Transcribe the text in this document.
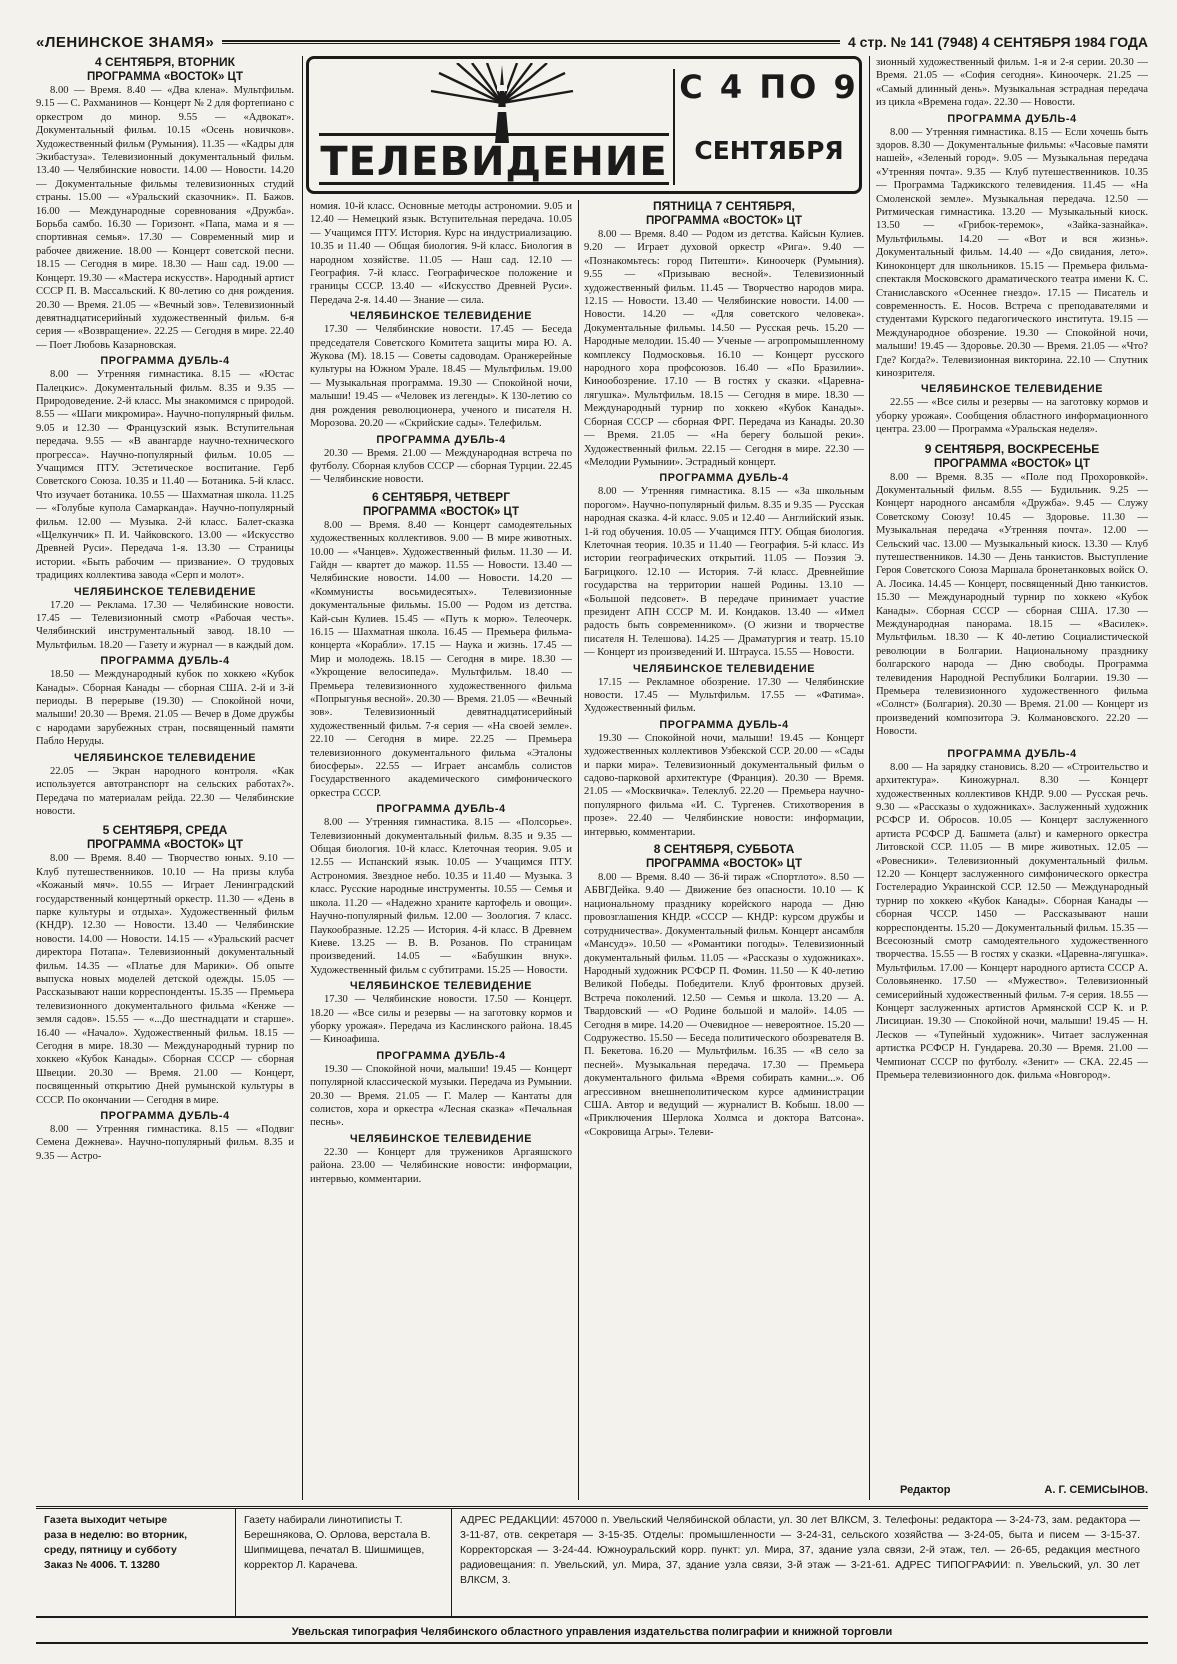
«ЛЕНИНСКОЕ ЗНАМЯ»	4 стр. № 141 (7948) 4 СЕНТЯБРЯ 1984 ГОДА
ТЕЛЕВИДЕНИЕ
С 4 ПО 9
СЕНТЯБРЯ
4 СЕНТЯБРЯ, ВТОРНИК
ПРОГРАММА «ВОСТОК» ЦТ

8.00 — Время. 8.40 — «Два клена». Мультфильм. 9.15 — С. Рахманинов — Концерт № 2 для фортепиано с оркестром до минор. 9.55 — «Адвокат». Документальный фильм. 10.15 «Осень новичков». Художественный фильм (Румыния). 11.35 — «Кадры для Экибастуза». Телевизионный документальный фильм. 13.40 — Челябинские новости. 14.00 — Новости. 14.20 — Документальные фильмы телевизионных студий страны. 15.00 — «Уральский сказочник». П. Бажов. 16.00 — Международные соревнования «Дружба». Борьба самбо. 16.30 — Горизонт. «Папа, мама и я — спортивная семья». 17.30 — Современный мир и рабочее движение. 18.00 — Концерт советской песни. 18.15 — Сегодня в мире. 18.30 — Наш сад. 19.00 — Концерт. 19.30 — «Мастера искусств». Народный артист СССР П. В. Массальский. К 80-летию со дня рождения. 20.30 — Время. 21.05 — «Вечный зов». Телевизионный девятнадцатисерийный художественный фильм. 6-я серия — «Возвращение». 22.25 — Сегодня в мире. 22.40 — Поет Любовь Казарновская.

ПРОГРАММА ДУБЛЬ-4

8.00 — Утренняя гимнастика. 8.15 — «Юстас Палецкис». Документальный фильм. 8.35 и 9.35 — Природоведение. 2-й класс. Мы знакомимся с природой. 8.55 — «Шаги микромира». Научно-популярный фильм. 9.05 и 12.30 — Французский язык. Вступительная передача. 9.55 — «В авангарде научно-технического прогресса». Научно-популярный фильм. 10.05 — Учащимся ПТУ. Эстетическое воспитание. Герб Советского Союза. 10.35 и 11.40 — Ботаника. 5-й класс. Что изучает ботаника. 10.55 — Шахматная школа. 11.25 — «Голубые купола Самарканда». Научно-популярный фильм. 12.00 — Музыка. 2-й класс. Балет-сказка «Щелкунчик» П. И. Чайковского. 13.00 — «Искусство Древней Руси». Передача 1-я. 13.30 — Страницы истории. «Быть рабочим — призвание». О трудовых традициях коллектива завода «Серп и молот».

ЧЕЛЯБИНСКОЕ ТЕЛЕВИДЕНИЕ

17.20 — Реклама. 17.30 — Челябинские новости. 17.45 — Телевизионный смотр «Рабочая честь». Челябинский инструментальный завод. 18.10 — Мультфильм. 18.20 — Газету и журнал — в каждый дом.

ПРОГРАММА ДУБЛЬ-4

18.50 — Международный кубок по хоккею «Кубок Канады». Сборная Канады — сборная США. 2-й и 3-й периоды. В перерыве (19.30) — Спокойной ночи, малыши! 20.30 — Время. 21.05 — Вечер в Доме дружбы с народами зарубежных стран, посвященный памяти Пабло Неруды.

ЧЕЛЯБИНСКОЕ ТЕЛЕВИДЕНИЕ

22.05 — Экран народного контроля. «Как используется автотранспорт на сельских работах?». Передача по материалам рейда. 22.30 — Челябинские новости.

5 СЕНТЯБРЯ, СРЕДА
ПРОГРАММА «ВОСТОК» ЦТ

8.00 — Время. 8.40 — Творчество юных. 9.10 — Клуб путешественников. 10.10 — На призы клуба «Кожаный мяч». 10.55 — Играет Ленинградский государственный концертный оркестр. 11.30 — «День в парке культуры и отдыха». Художественный фильм (КНДР). 12.30 — Новости. 13.40 — Челябинские новости. 14.00 — Новости. 14.15 — «Уральский расчет директора Потапа». Телевизионный документальный фильм. 14.35 — «Платье для Марики». Об опыте выпуска новых моделей детской одежды. 15.05 — Рассказывают наши корреспонденты. 15.35 — Премьера телевизионного документального фильма «Кенже — земля садов». 15.55 — «...До шестнадцати и старше». 16.40 — «Начало». Художественный фильм. 18.15 — Сегодня в мире. 18.30 — Международный турнир по хоккею «Кубок Канады». Сборная СССР — сборная Швеции. 20.30 — Время. 21.00 — Концерт, посвященный открытию Дней румынской культуры в СССР. По окончании — Сегодня в мире.

ПРОГРАММА ДУБЛЬ-4

8.00 — Утренняя гимнастика. 8.15 — «Подвиг Семена Дежнева». Научно-популярный фильм. 8.35 и 9.35 — Астро-

номия. 10-й класс. Основные методы астрономии. 9.05 и 12.40 — Немецкий язык. Вступительная передача. 10.05 — Учащимся ПТУ. История. Курс на индустриализацию. 10.35 и 11.40 — Общая биология. 9-й класс. Биология в народном хозяйстве. 11.05 — Наш сад. 12.10 — География. 7-й класс. Географическое положение и границы СССР. 13.40 — «Искусство Древней Руси». Передача 2-я. 14.40 — Знание — сила.

ЧЕЛЯБИНСКОЕ ТЕЛЕВИДЕНИЕ

17.30 — Челябинские новости. 17.45 — Беседа председателя Советского Комитета защиты мира Ю. А. Жукова (М). 18.15 — Советы садоводам. Оранжерейные культуры на Южном Урале. 18.45 — Мультфильм. 19.00 — Музыкальная программа. 19.30 — Спокойной ночи, малыши! 19.45 — «Человек из легенды». К 130-летию со дня рождения революционера, ученого и писателя Н. Морозова. 20.20 — «Скрийские сады». Телефильм.

ПРОГРАММА ДУБЛЬ-4

20.30 — Время. 21.00 — Международная встреча по футболу. Сборная клубов СССР — сборная Турции. 22.45 — Челябинские новости.

6 СЕНТЯБРЯ, ЧЕТВЕРГ
ПРОГРАММА «ВОСТОК» ЦТ

8.00 — Время. 8.40 — Концерт самодеятельных художественных коллективов. 9.00 — В мире животных. 10.00 — «Чанцев». Художественный фильм. 11.30 — И. Гайдн — квартет до мажор. 11.55 — Новости. 13.40 — Челябинские новости. 14.00 — Новости. 14.20 — «Коммунисты восьмидесятых». Телевизионные документальные фильмы. 15.00 — Родом из детства. Кай-сын Кулиев. 15.45 — «Путь к морю». Телеочерк. 16.15 — Шахматная школа. 16.45 — Премьера фильма-концерта «Корабли». 17.15 — Наука и жизнь. 17.45 — Мир и молодежь. 18.15 — Сегодня в мире. 18.30 — «Укрощение велосипеда». Мультфильм. 18.40 — Премьера телевизионного художественного фильма «Попрыгунья весной». 20.30 — Время. 21.05 — «Вечный зов». Телевизионный девятнадцатисерийный художественный фильм. 7-я серия — «На своей земле». 22.10 — Сегодня в мире. 22.25 — Премьера телевизионного документального фильма «Эталоны биосферы». 22.55 — Играет ансамбль солистов Государственного академического симфонического оркестра СССР.

ПРОГРАММА ДУБЛЬ-4

8.00 — Утренняя гимнастика. 8.15 — «Полсорье». Телевизионный документальный фильм. 8.35 и 9.35 — Общая биология. 10-й класс. Клеточная теория. 9.05 и 12.55 — Испанский язык. 10.05 — Учащимся ПТУ. Астрономия. Звездное небо. 10.35 и 11.40 — Музыка. 3 класс. Русские народные инструменты. 10.55 — Семья и школа. 11.20 — «Надежно храните картофель и овощи». Научно-популярный фильм. 12.00 — Зоология. 7 класс. Паукообразные. 12.25 — История. 4-й класс. В Древнем Киеве. 13.25 — В. В. Розанов. По страницам произведений. 14.05 — «Бабушкин внук». Художественный фильм с субтитрами. 15.25 — Новости.

ЧЕЛЯБИНСКОЕ ТЕЛЕВИДЕНИЕ

17.30 — Челябинские новости. 17.50 — Концерт. 18.20 — «Все силы и резервы — на заготовку кормов и уборку урожая». Передача из Каслинского района. 18.45 — Киноафиша.

ПРОГРАММА ДУБЛЬ-4

19.30 — Спокойной ночи, малыши! 19.45 — Концерт популярной классической музыки. Передача из Румынии. 20.30 — Время. 21.05 — Г. Малер — Кантаты для солистов, хора и оркестра «Лесная сказка» «Печальная песнь».

ЧЕЛЯБИНСКОЕ ТЕЛЕВИДЕНИЕ

22.30 — Концерт для тружеников Аргаяшского района. 23.00 — Челябинские новости: информации, интервью, комментарии.

ПЯТНИЦА 7 СЕНТЯБРЯ,
ПРОГРАММА «ВОСТОК» ЦТ

8.00 — Время. 8.40 — Родом из детства. Кайсын Кулиев. 9.20 — Играет духовой оркестр «Рига». 9.40 — «Познакомьтесь: город Питешти». Киноочерк (Румыния). 9.55 — «Призываю весной». Телевизионный художественный фильм. 11.45 — Творчество народов мира. 12.15 — Новости. 13.40 — Челябинские новости. 14.00 — Новости. 14.20 — «Для советского человека». Документальные фильмы. 14.50 — Русская речь. 15.20 — Народные мелодии. 15.40 — Ученые — агропромышленному комплексу Подмосковья. 16.10 — Концерт русского народного хора профсоюзов. 16.40 — «По Бразилии». Кинообозрение. 17.10 — В гостях у сказки. «Царевна-лягушка». Мультфильм. 18.15 — Сегодня в мире. 18.30 — Международный турнир по хоккею «Кубок Канады». Сборная СССР — сборная ФРГ. Передача из Канады. 20.30 — Время. 21.05 — «На берегу большой реки». Художественный фильм. 22.15 — Сегодня в мире. 22.30 — «Мелодии Румынии». Эстрадный концерт.

ПРОГРАММА ДУБЛЬ-4

8.00 — Утренняя гимнастика. 8.15 — «За школьным порогом». Научно-популярный фильм. 8.35 и 9.35 — Русская народная сказка. 4-й класс. 9.05 и 12.40 — Английский язык. 1-й год обучения. 10.05 — Учащимся ПТУ. Общая биология. Клеточная теория. 10.35 и 11.40 — География. 5-й класс. Из истории географических открытий. 11.05 — Поэзия Э. Багрицкого. 12.10 — История. 7-й класс. Древнейшие государства на территории нашей Родины. 13.10 — «Большой педсовет». В передаче принимает участие президент АПН СССР М. И. Кондаков. 13.40 — «Имел радость быть современником». (О жизни и творчестве писателя Н. Телешова). 14.25 — Драматургия и театр. 15.10 — Концерт из произведений И. Штрауса. 15.55 — Новости.

ЧЕЛЯБИНСКОЕ ТЕЛЕВИДЕНИЕ

17.15 — Рекламное обозрение. 17.30 — Челябинские новости. 17.45 — Мультфильм. 17.55 — «Фатима». Художественный фильм.

ПРОГРАММА ДУБЛЬ-4

19.30 — Спокойной ночи, малыши! 19.45 — Концерт художественных коллективов Узбекской ССР. 20.00 — «Сады и парки мира». Телевизионный документальный фильм о садово-парковой архитектуре (Франция). 20.30 — Время. 21.05 — «Москвичка». Телеклуб. 22.20 — Премьера научно-популярного фильма «И. С. Тургенев. Стихотворения в прозе». 22.40 — Челябинские новости: информации, интервью, комментарии.

8 СЕНТЯБРЯ, СУББОТА
ПРОГРАММА «ВОСТОК» ЦТ

8.00 — Время. 8.40 — 36-й тираж «Спортлото». 8.50 — АБВГДейка. 9.40 — Движение без опасности. 10.10 — К национальному празднику корейского народа — Дню провозглашения КНДР. «СССР — КНДР: курсом дружбы и сотрудничества». Документальный фильм. Концерт ансамбля «Мансудэ». 10.50 — «Романтики погоды». Телевизионный документальный фильм. 11.05 — «Рассказы о художниках». Народный художник РСФСР П. Фомин. 11.50 — К 40-летию Великой Победы. Победители. Клуб фронтовых друзей. Встреча поколений. 12.50 — Семья и школа. 13.20 — А. Твардовский — «О Родине большой и малой». 14.05 — Сегодня в мире. 14.20 — Очевидное — невероятное. 15.20 — Содружество. 15.50 — Беседа политического обозревателя В. П. Бекетова. 16.20 — Мультфильм. 16.35 — «В село за песней». Музыкальная передача. 17.30 — Премьера документального фильма «Время собирать камни...». Об агрессивном внешнеполитическом курсе администрации США. Автор и ведущий — журналист В. Кобыш. 18.00 — «Приключения Шерлока Холмса и доктора Ватсона». «Сокровища Агры». Телеви-

зионный художественный фильм. 1-я и 2-я серии. 20.30 — Время. 21.05 — «София сегодня». Киноочерк. 21.25 — «Самый длинный день». Музыкальная эстрадная передача из цикла «Времена года». 22.30 — Новости.

ПРОГРАММА ДУБЛЬ-4

8.00 — Утренняя гимнастика. 8.15 — Если хочешь быть здоров. 8.30 — Документальные фильмы: «Часовые памяти нашей», «Зеленый город». 9.05 — Музыкальная передача «Утренняя почта». 9.35 — Клуб путешественников. 10.35 — Программа Таджикского телевидения. 11.45 — «На Смоленской земле». Музыкальная передача. 12.50 — Ритмическая гимнастика. 13.20 — Музыкальный киоск. 13.50 — «Грибок-теремок», «Зайка-зазнайка». Мультфильмы. 14.20 — «Вот и вся жизнь». Документальный фильм. 14.40 — «До свидания, лето». Киноконцерт для школьников. 15.15 — Премьера фильма-спектакля Московского драматического театра имени К. С. Станиславского «Осеннее гнездо». 17.15 — Писатель и современность. Е. Носов. Встреча с преподавателями и студентами Курского педагогического института. 19.15 — Международное обозрение. 19.30 — Спокойной ночи, малыши! 19.45 — Здоровье. 20.30 — Время. 21.05 — «Что? Где? Когда?». Телевизионная викторина. 22.10 — Спутник кинозрителя.

ЧЕЛЯБИНСКОЕ ТЕЛЕВИДЕНИЕ

22.55 — «Все силы и резервы — на заготовку кормов и уборку урожая». Сообщения областного информационного центра. 23.00 — Программа «Уральская неделя».

9 СЕНТЯБРЯ, ВОСКРЕСЕНЬЕ
ПРОГРАММА «ВОСТОК» ЦТ

8.00 — Время. 8.35 — «Поле под Прохоровкой». Документальный фильм. 8.55 — Будильник. 9.25 — Концерт народного ансамбля «Дружба». 9.45 — Служу Советскому Союзу! 10.45 — Здоровье. 11.30 — Музыкальная передача «Утренняя почта». 12.00 — Сельский час. 13.00 — Музыкальный киоск. 13.30 — Клуб путешественников. 14.30 — День танкистов. Выступление Героя Советского Союза Маршала бронетанковых войск О. А. Лосика. 14.45 — Концерт, посвященный Дню танкистов. 15.30 — Международный турнир по хоккею «Кубок Канады». Сборная СССР — сборная США. 17.30 — Международная панорама. 18.15 — «Василек». Мультфильм. 18.30 — К 40-летию Социалистической революции в Болгарии. Национальному празднику болгарского народа — Дню свободы. Программа телевидения Народной Республики Болгарии. 19.30 — Премьера телевизионного художественного фильма «Солнст» (Болгария). 20.30 — Время. 21.00 — Концерт из произведений композитора Э. Колмановского. 22.20 — Новости.

ПРОГРАММА ДУБЛЬ-4

8.00 — На зарядку становись. 8.20 — «Строительство и архитектура». Киножурнал. 8.30 — Концерт художественных коллективов КНДР. 9.00 — Русская речь. 9.30 — «Рассказы о художниках». Заслуженный художник РСФСР И. Обросов. 10.05 — Концерт заслуженного артиста РСФСР Д. Башмета (альт) и камерного оркестра Литовской ССР. 11.05 — В мире животных. 12.05 — «Ровесники». Телевизионный документальный фильм. 12.20 — Концерт заслуженного симфонического оркестра Гостелерадио Украинской ССР. 12.50 — Международный турнир по хоккею «Кубок Канады». Сборная Канады — сборная ЧССР. 1450 — Рассказывают наши корреспонденты. 15.20 — Документальный фильм. 15.35 — Всесоюзный смотр самодеятельного художественного творчества. 15.55 — В гостях у сказки. «Царевна-лягушка». Мультфильм. 17.00 — Концерт народного артиста СССР А. Соловьяненко. 17.50 — «Мужество». Телевизионный семисерийный художественный фильм. 7-я серия. 18.55 — Концерт заслуженных артистов Армянской ССР К. и Р. Лисициан. 19.30 — Спокойной ночи, малыши! 19.45 — Н. Лесков — «Тупейный художник». Читает заслуженная артистка РСФСР Н. Гундарева. 20.30 — Время. 21.00 — Чемпионат СССР по футболу. «Зенит» — СКА. 22.45 — Премьера телевизионного док. фильма «Новгород».

Редактор	А. Г. СЕМИСЫНОВ.
Газета выходит четыре
раза в неделю: во вторник,
среду, пятницу и субботу
Заказ № 4006. Т. 13280
Газету набирали линотиписты Т. Берешнякова, О. Орлова, верстала В. Шипмищева, печатал В. Шишмищев, корректор Л. Карачева.
АДРЕС РЕДАКЦИИ: 457000 п. Увельский Челябинской области, ул. 30 лет ВЛКСМ, 3. Телефоны: редактора — 3-24-73, зам. редактора — 3-11-87, отв. секретаря — 3-15-35. Отделы: промышленности — 3-24-31, сельского хозяйства — 3-24-05, быта и писем — 3-15-37. Корректорская — 3-24-44. Южноуральский корр. пункт: ул. Мира, 37, здание узла связи, 2-й этаж, тел. — 26-65, редакция местного радиовещания: п. Увельский, ул. Мира, 37, здание узла связи, 3-й этаж — 3-21-61. АДРЕС ТИПОГРАФИИ: п. Увельский, ул. 30 лет ВЛКСМ, 3.
Увельская типография Челябинского областного управления издательства полиграфии и книжной торговли
